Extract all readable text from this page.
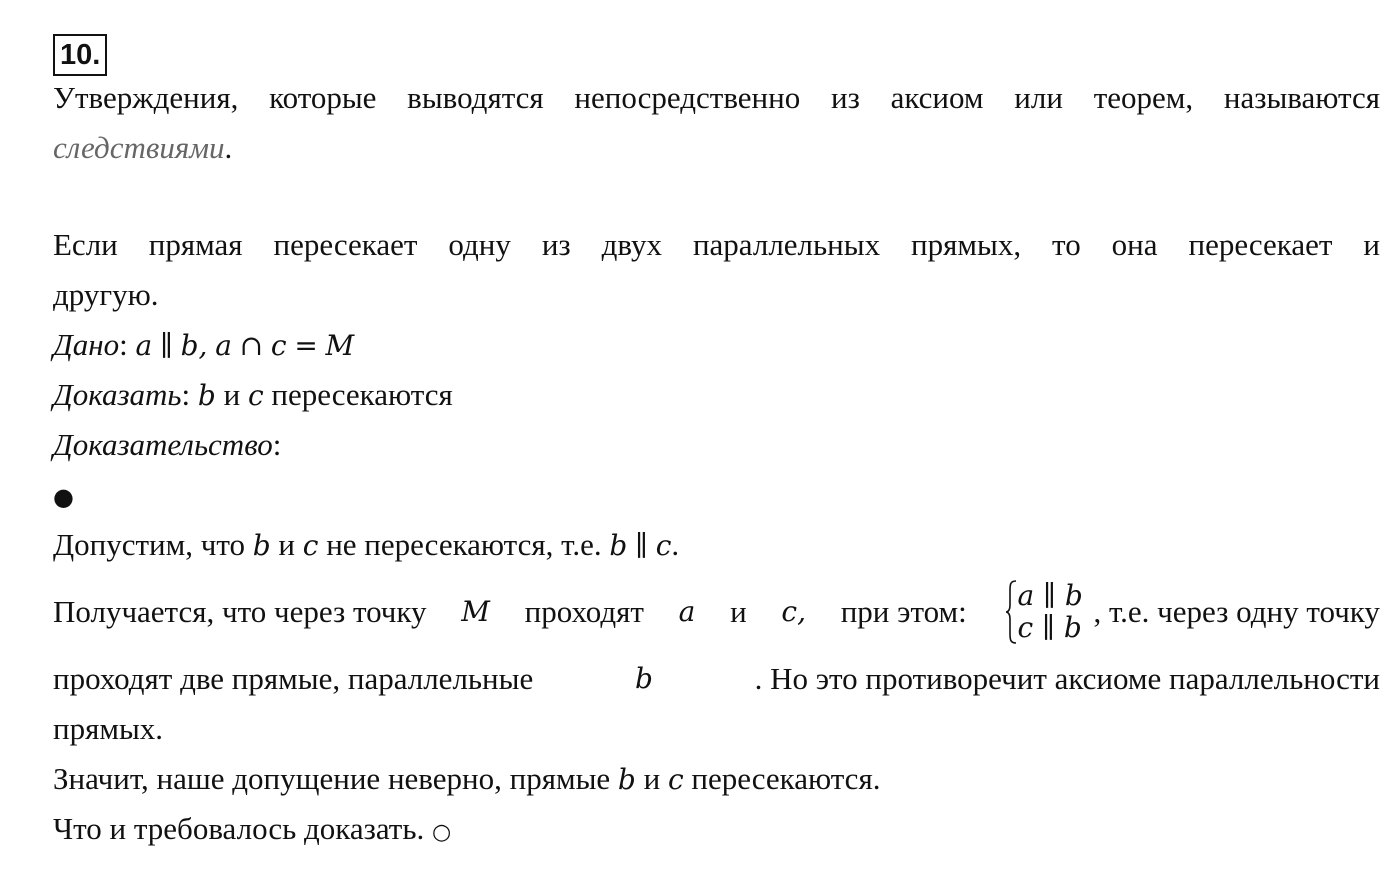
10.
Утверждения, которые выводятся непосредственно из аксиом или теорем, называются
следствиями.
Если прямая пересекает одну из двух параллельных прямых, то она пересекает и
другую.
Дано: a ∥ b, a ∩ c = M
Доказать: b и c пересекаются
Доказательство:
●
Допустим, что b и c не пересекаются, т.е. b ∥ c.
Получается, что через точку M проходят a и c, при этом: a ∥ b
c ∥ b , т.е. через одну точку
проходят две прямые, параллельные	b	. Но это противоречит аксиоме параллельности
прямых.
Значит, наше допущение неверно, прямые b и c пересекаются.
Что и требовалось доказать. ○
